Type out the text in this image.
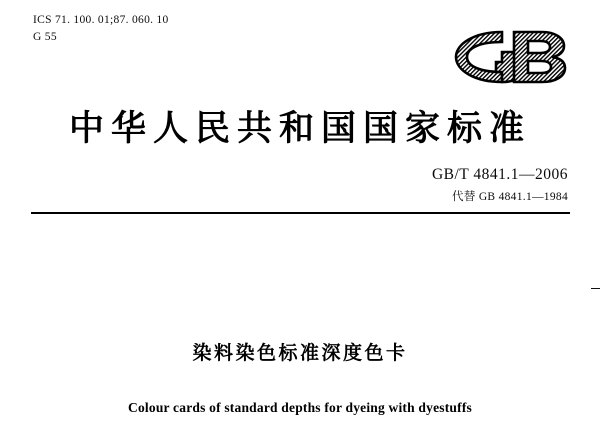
ICS 71. 100. 01;87. 060. 10
G 55
中华人民共和国国家标准
GB/T 4841.1—2006
代替 GB 4841.1—1984
染料染色标准深度色卡
Colour cards of standard depths for dyeing with dyestuffs
